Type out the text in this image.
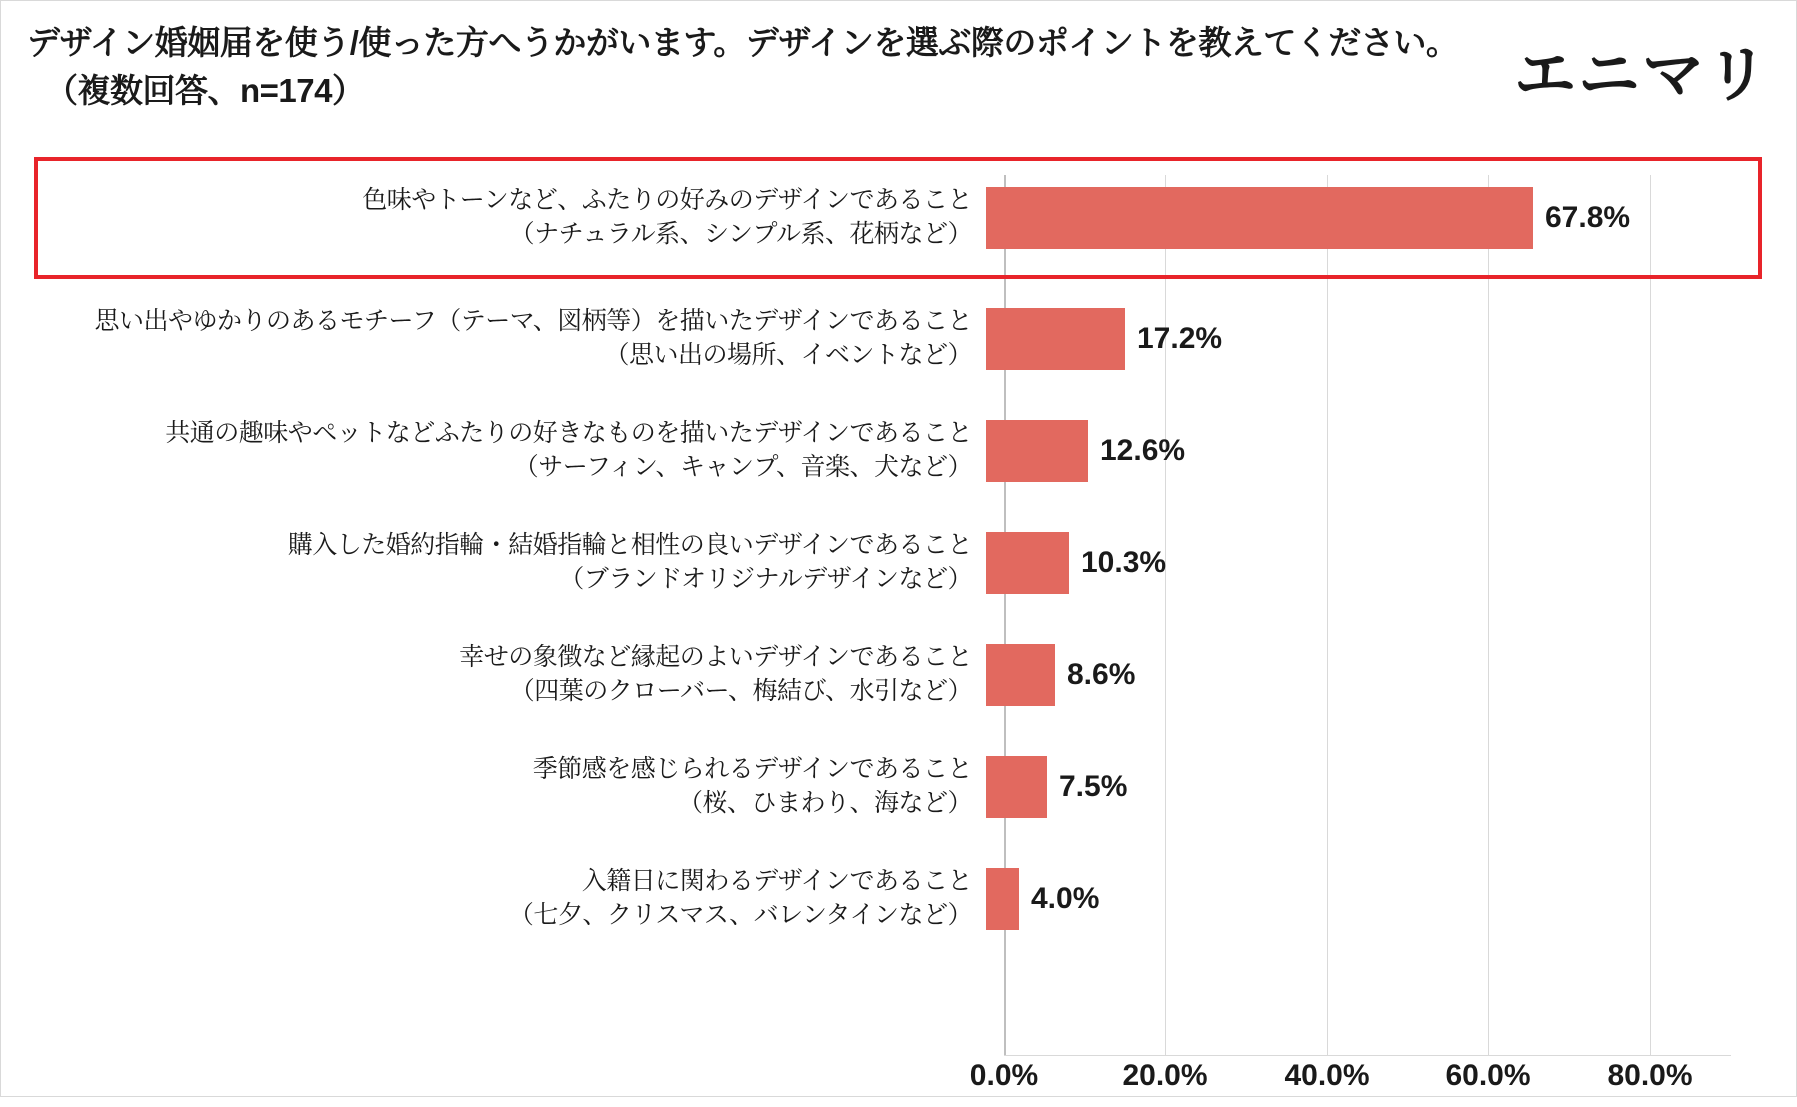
デザイン婚姻届を使う/使った方へうかがいます。デザインを選ぶ際のポイントを教えてください。
（複数回答、n=174）	エニマリ
色味やトーンなど、ふたりの好みのデザインであること
（ナチュラル系、シンプル系、花柄など）	67.8%
思い出やゆかりのあるモチーフ（テーマ、図柄等）を描いたデザインであること
（思い出の場所、イベントなど）	17.2%
共通の趣味やペットなどふたりの好きなものを描いたデザインであること
（サーフィン、キャンプ、音楽、犬など）	12.6%
購入した婚約指輪・結婚指輪と相性の良いデザインであること
（ブランドオリジナルデザインなど）	10.3%
幸せの象徴など縁起のよいデザインであること
（四葉のクローバー、梅結び、水引など）	8.6%
季節感を感じられるデザインであること
（桜、ひまわり、海など）	7.5%
入籍日に関わるデザインであること
（七夕、クリスマス、バレンタインなど） 4.0%
0.0%	20.0%	40.0%	60.0%	80.0%
